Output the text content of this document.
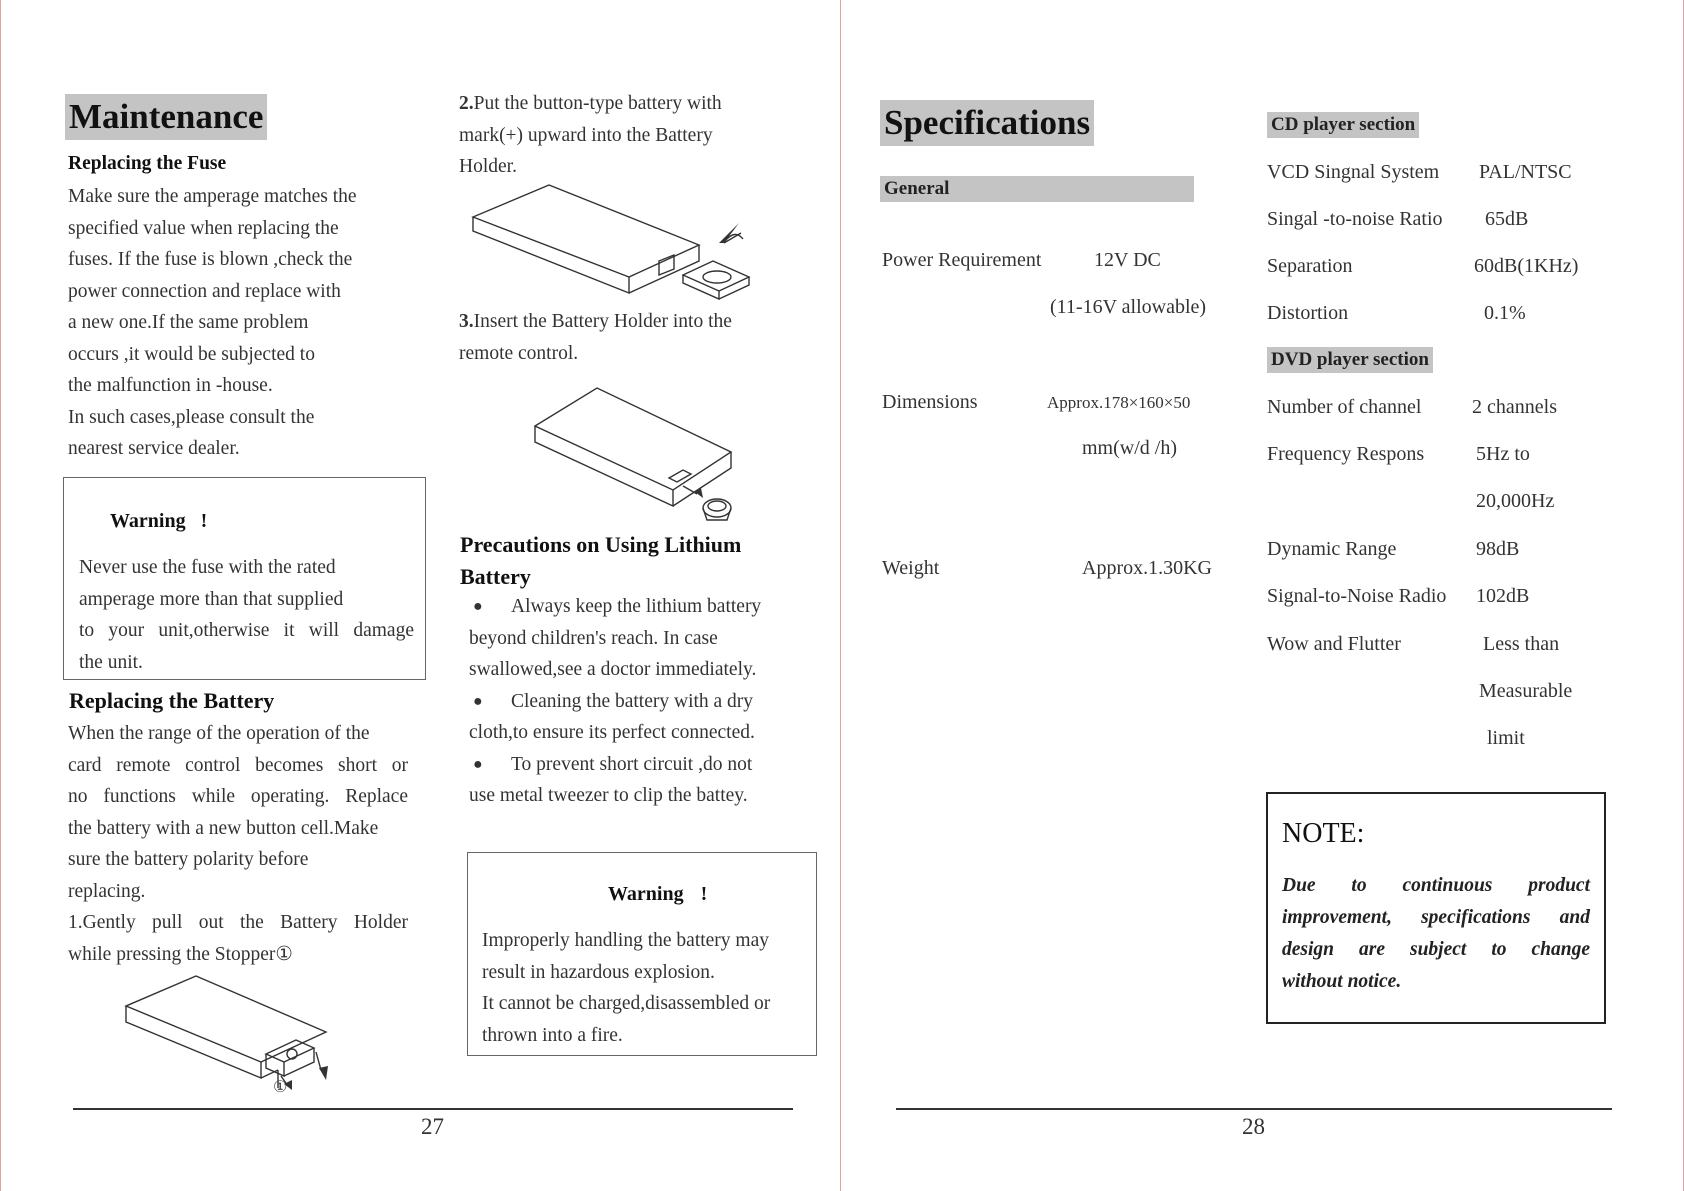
Maintenance
Replacing the Fuse
Make sure the amperage matches the
specified value when replacing the
fuses. If the fuse is blown ,check the
power connection and replace with
a new one.If the same problem
occurs ,it would be subjected to
the malfunction in -house.
In such cases,please consult the
nearest service dealer.
Warning !
Never use the fuse with the rated
amperage more than that supplied
to your unit,otherwise it will damage
the unit.
Replacing the Battery
When the range of the operation of the
card remote control becomes short or
no functions while operating. Replace
the battery with a new button cell.Make
sure the battery polarity before
replacing.
1.Gently pull out the Battery Holder
while pressing the Stopper①
①
2.Put the button-type battery with
mark(+) upward into the Battery
Holder.
3.Insert the Battery Holder into the
remote control.
Precautions on Using Lithium
Battery
●	Always keep the lithium battery
beyond children's reach. In case
swallowed,see a doctor immediately.
●	Cleaning the battery with a dry
cloth,to ensure its perfect connected.
●	To prevent short circuit ,do not
use metal tweezer to clip the battey.
Warning !
Improperly handling the battery may
result in hazardous explosion.
It cannot be charged,disassembled or
thrown into a fire.
27
Specifications
General
Power Requirement	12V DC
(11-16V allowable)
Dimensions	Approx.178×160×50
mm(w/d /h)
Weight	Approx.1.30KG
CD player section
VCD Singnal System PAL/NTSC
Singal -to-noise Ratio 65dB
Separation	60dB(1KHz)
Distortion	0.1%
DVD player section
Number of channel	2 channels
Frequency Respons	5Hz to
20,000Hz
Dynamic Range	98dB
Signal-to-Noise Radio 102dB
Wow and Flutter	Less than
Measurable
limit
NOTE:
Due to continuous product
improvement, specifications and
design are subject to change
without notice.
28
